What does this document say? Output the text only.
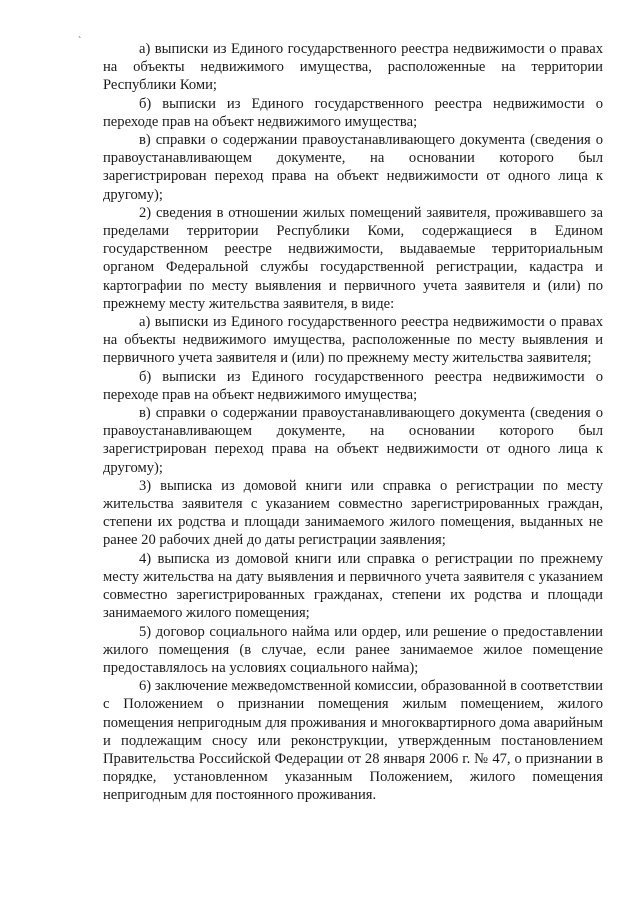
`	а) выписки из Единого государственного реестра недвижимости о правах на объекты недвижимого имущества, расположенные на территории Республики Коми;

б) выписки из Единого государственного реестра недвижимости о переходе прав на объект недвижимого имущества;

в) справки о содержании правоустанавливающего документа (сведения о правоустанавливающем документе, на основании которого был зарегистрирован переход права на объект недвижимости от одного лица к другому);

2) сведения в отношении жилых помещений заявителя, проживавшего за пределами территории Республики Коми, содержащиеся в Едином государственном реестре недвижимости, выдаваемые территориальным органом Федеральной службы государственной регистрации, кадастра и картографии по месту выявления и первичного учета заявителя и (или) по прежнему месту жительства заявителя, в виде:

а) выписки из Единого государственного реестра недвижимости о правах на объекты недвижимого имущества, расположенные по месту выявления и первичного учета заявителя и (или) по прежнему месту жительства заявителя;

б) выписки из Единого государственного реестра недвижимости о переходе прав на объект недвижимого имущества;

в) справки о содержании правоустанавливающего документа (сведения о правоустанавливающем документе, на основании которого был зарегистрирован переход права на объект недвижимости от одного лица к другому);

3) выписка из домовой книги или справка о регистрации по месту жительства заявителя с указанием совместно зарегистрированных граждан, степени их родства и площади занимаемого жилого помещения, выданных не ранее 20 рабочих дней до даты регистрации заявления;

4) выписка из домовой книги или справка о регистрации по прежнему месту жительства на дату выявления и первичного учета заявителя с указанием совместно зарегистрированных гражданах, степени их родства и площади занимаемого жилого помещения;

5) договор социального найма или ордер, или решение о предоставлении жилого помещения (в случае, если ранее занимаемое жилое помещение предоставлялось на условиях социального найма);

6) заключение межведомственной комиссии, образованной в соответствии с Положением о признании помещения жилым помещением, жилого помещения непригодным для проживания и многоквартирного дома аварийным и подлежащим сносу или реконструкции, утвержденным постановлением Правительства Российской Федерации от 28 января 2006 г. № 47, о признании в порядке, установленном указанным Положением, жилого помещения непригодным для постоянного проживания.
